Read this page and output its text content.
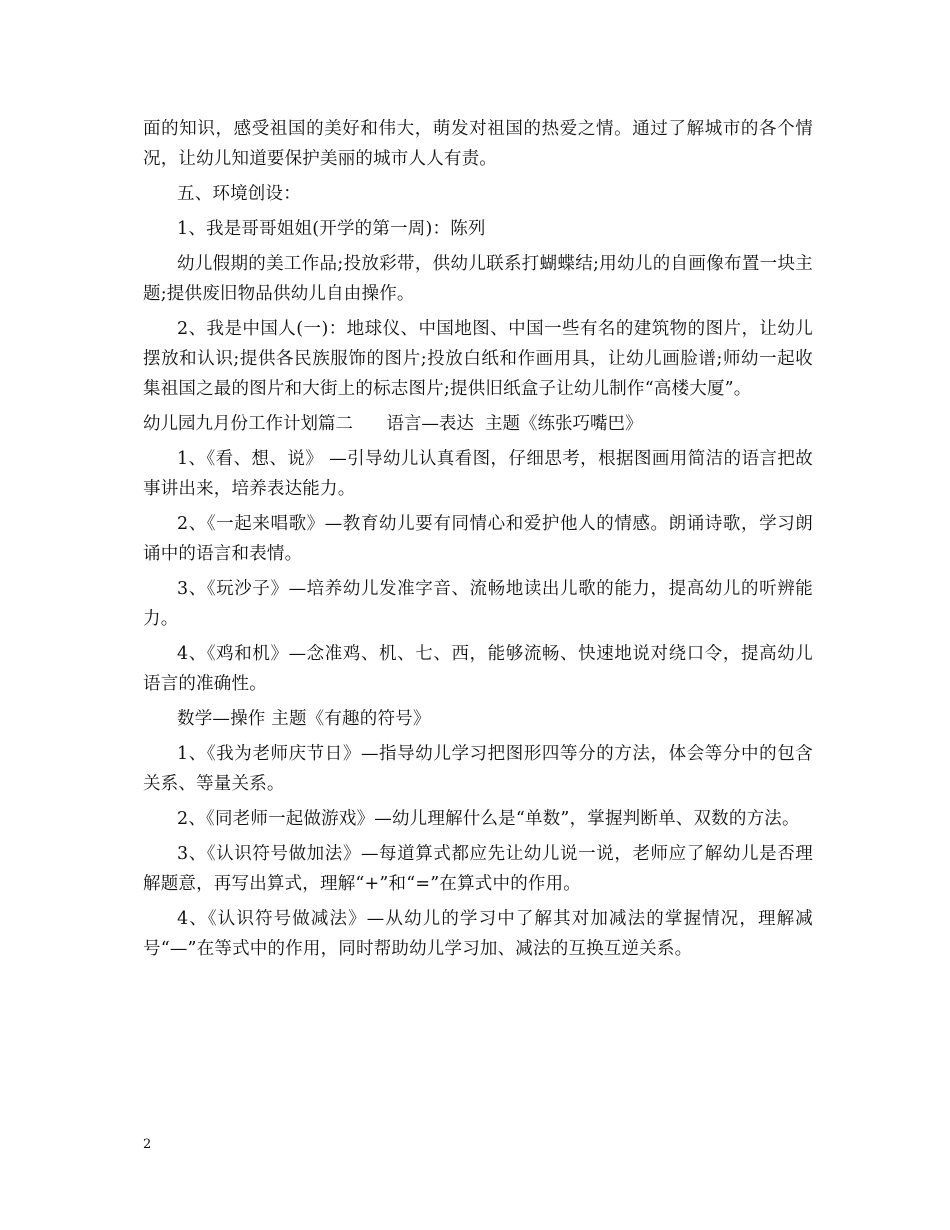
面的知识，感受祖国的美好和伟大，萌发对祖国的热爱之情。通过了解城市的各个情况，让幼儿知道要保护美丽的城市人人有责。

五、环境创设：

1、我是哥哥姐姐(开学的第一周)：陈列

幼儿假期的美工作品;投放彩带，供幼儿联系打蝴蝶结;用幼儿的自画像布置一块主题;提供废旧物品供幼儿自由操作。

2、我是中国人(一)：地球仪、中国地图、中国一些有名的建筑物的图片，让幼儿摆放和认识;提供各民族服饰的图片;投放白纸和作画用具，让幼儿画脸谱;师幼一起收集祖国之最的图片和大街上的标志图片;提供旧纸盒子让幼儿制作“高楼大厦”。

幼儿园九月份工作计划篇二      语言—表达  主题《练张巧嘴巴》

1、《看、想、说》 —引导幼儿认真看图，仔细思考，根据图画用简洁的语言把故事讲出来，培养表达能力。

2、《一起来唱歌》—教育幼儿要有同情心和爱护他人的情感。朗诵诗歌，学习朗诵中的语言和表情。

3、《玩沙子》—培养幼儿发准字音、流畅地读出儿歌的能力，提高幼儿的听辨能力。

4、《鸡和机》—念准鸡、机、七、西，能够流畅、快速地说对绕口令，提高幼儿语言的准确性。

数学—操作 主题《有趣的符号》

1、《我为老师庆节日》—指导幼儿学习把图形四等分的方法，体会等分中的包含关系、等量关系。

2、《同老师一起做游戏》—幼儿理解什么是“单数”，掌握判断单、双数的方法。

3、《认识符号做加法》—每道算式都应先让幼儿说一说，老师应了解幼儿是否理解题意，再写出算式，理解“+”和“=”在算式中的作用。

4、《认识符号做减法》—从幼儿的学习中了解其对加减法的掌握情况，理解减号“—”在等式中的作用，同时帮助幼儿学习加、减法的互换互逆关系。

2
